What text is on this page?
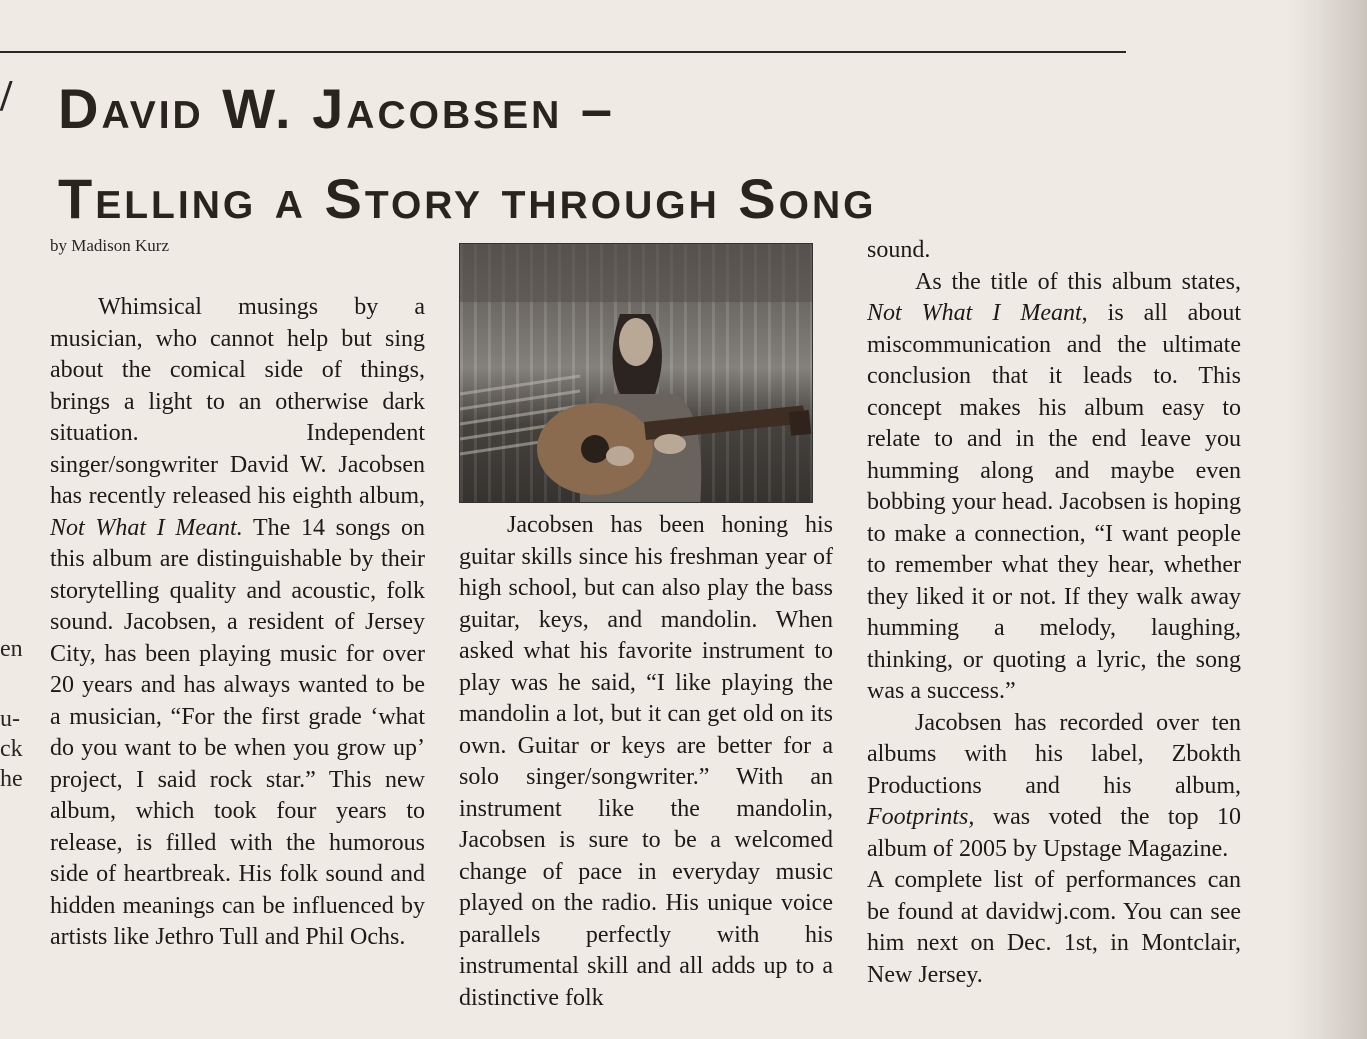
/ David W. Jacobsen –
Telling a Story through Song
by Madison Kurz

Whimsical musings by a musician, who cannot help but sing about the comical side of things, brings a light to an otherwise dark situation. Independent singer/songwriter David W. Jacobsen has recently released his eighth album, Not What I Meant. The 14 songs on this album are distinguishable by their storytelling quality and acoustic, folk sound. Jacobsen, a resident of Jersey City, has been playing music for over 20 years and has always wanted to be a musician, “For the first grade ‘what do you want to be when you grow up’ project, I said rock star.” This new album, which took four years to release, is filled with the humorous side of heartbreak. His folk sound and hidden meanings can be influenced by artists like Jethro Tull and Phil Ochs.

Jacobsen has been honing his guitar skills since his freshman year of high school, but can also play the bass guitar, keys, and mandolin. When asked what his favorite instrument to play was he said, “I like playing the mandolin a lot, but it can get old on its own. Guitar or keys are better for a solo singer/songwriter.” With an instrument like the mandolin, Jacobsen is sure to be a welcomed change of pace in everyday music played on the radio. His unique voice parallels perfectly with his instrumental skill and all adds up to a distinctive folk

sound.

As the title of this album states, Not What I Meant, is all about miscommunication and the ultimate conclusion that it leads to. This concept makes his album easy to relate to and in the end leave you humming along and maybe even bobbing your head. Jacobsen is hoping to make a connection, “I want people to remember what they hear, whether they liked it or not. If they walk away humming a melody, laughing, thinking, or quoting a lyric, the song was a success.”

Jacobsen has recorded over ten albums with his label, Zbokth Productions and his album, Footprints, was voted the top 10 album of 2005 by Upstage Magazine.

A complete list of performances can be found at davidwj.com. You can see him next on Dec. 1st, in Montclair, New Jersey.

en
u-
ck
he
